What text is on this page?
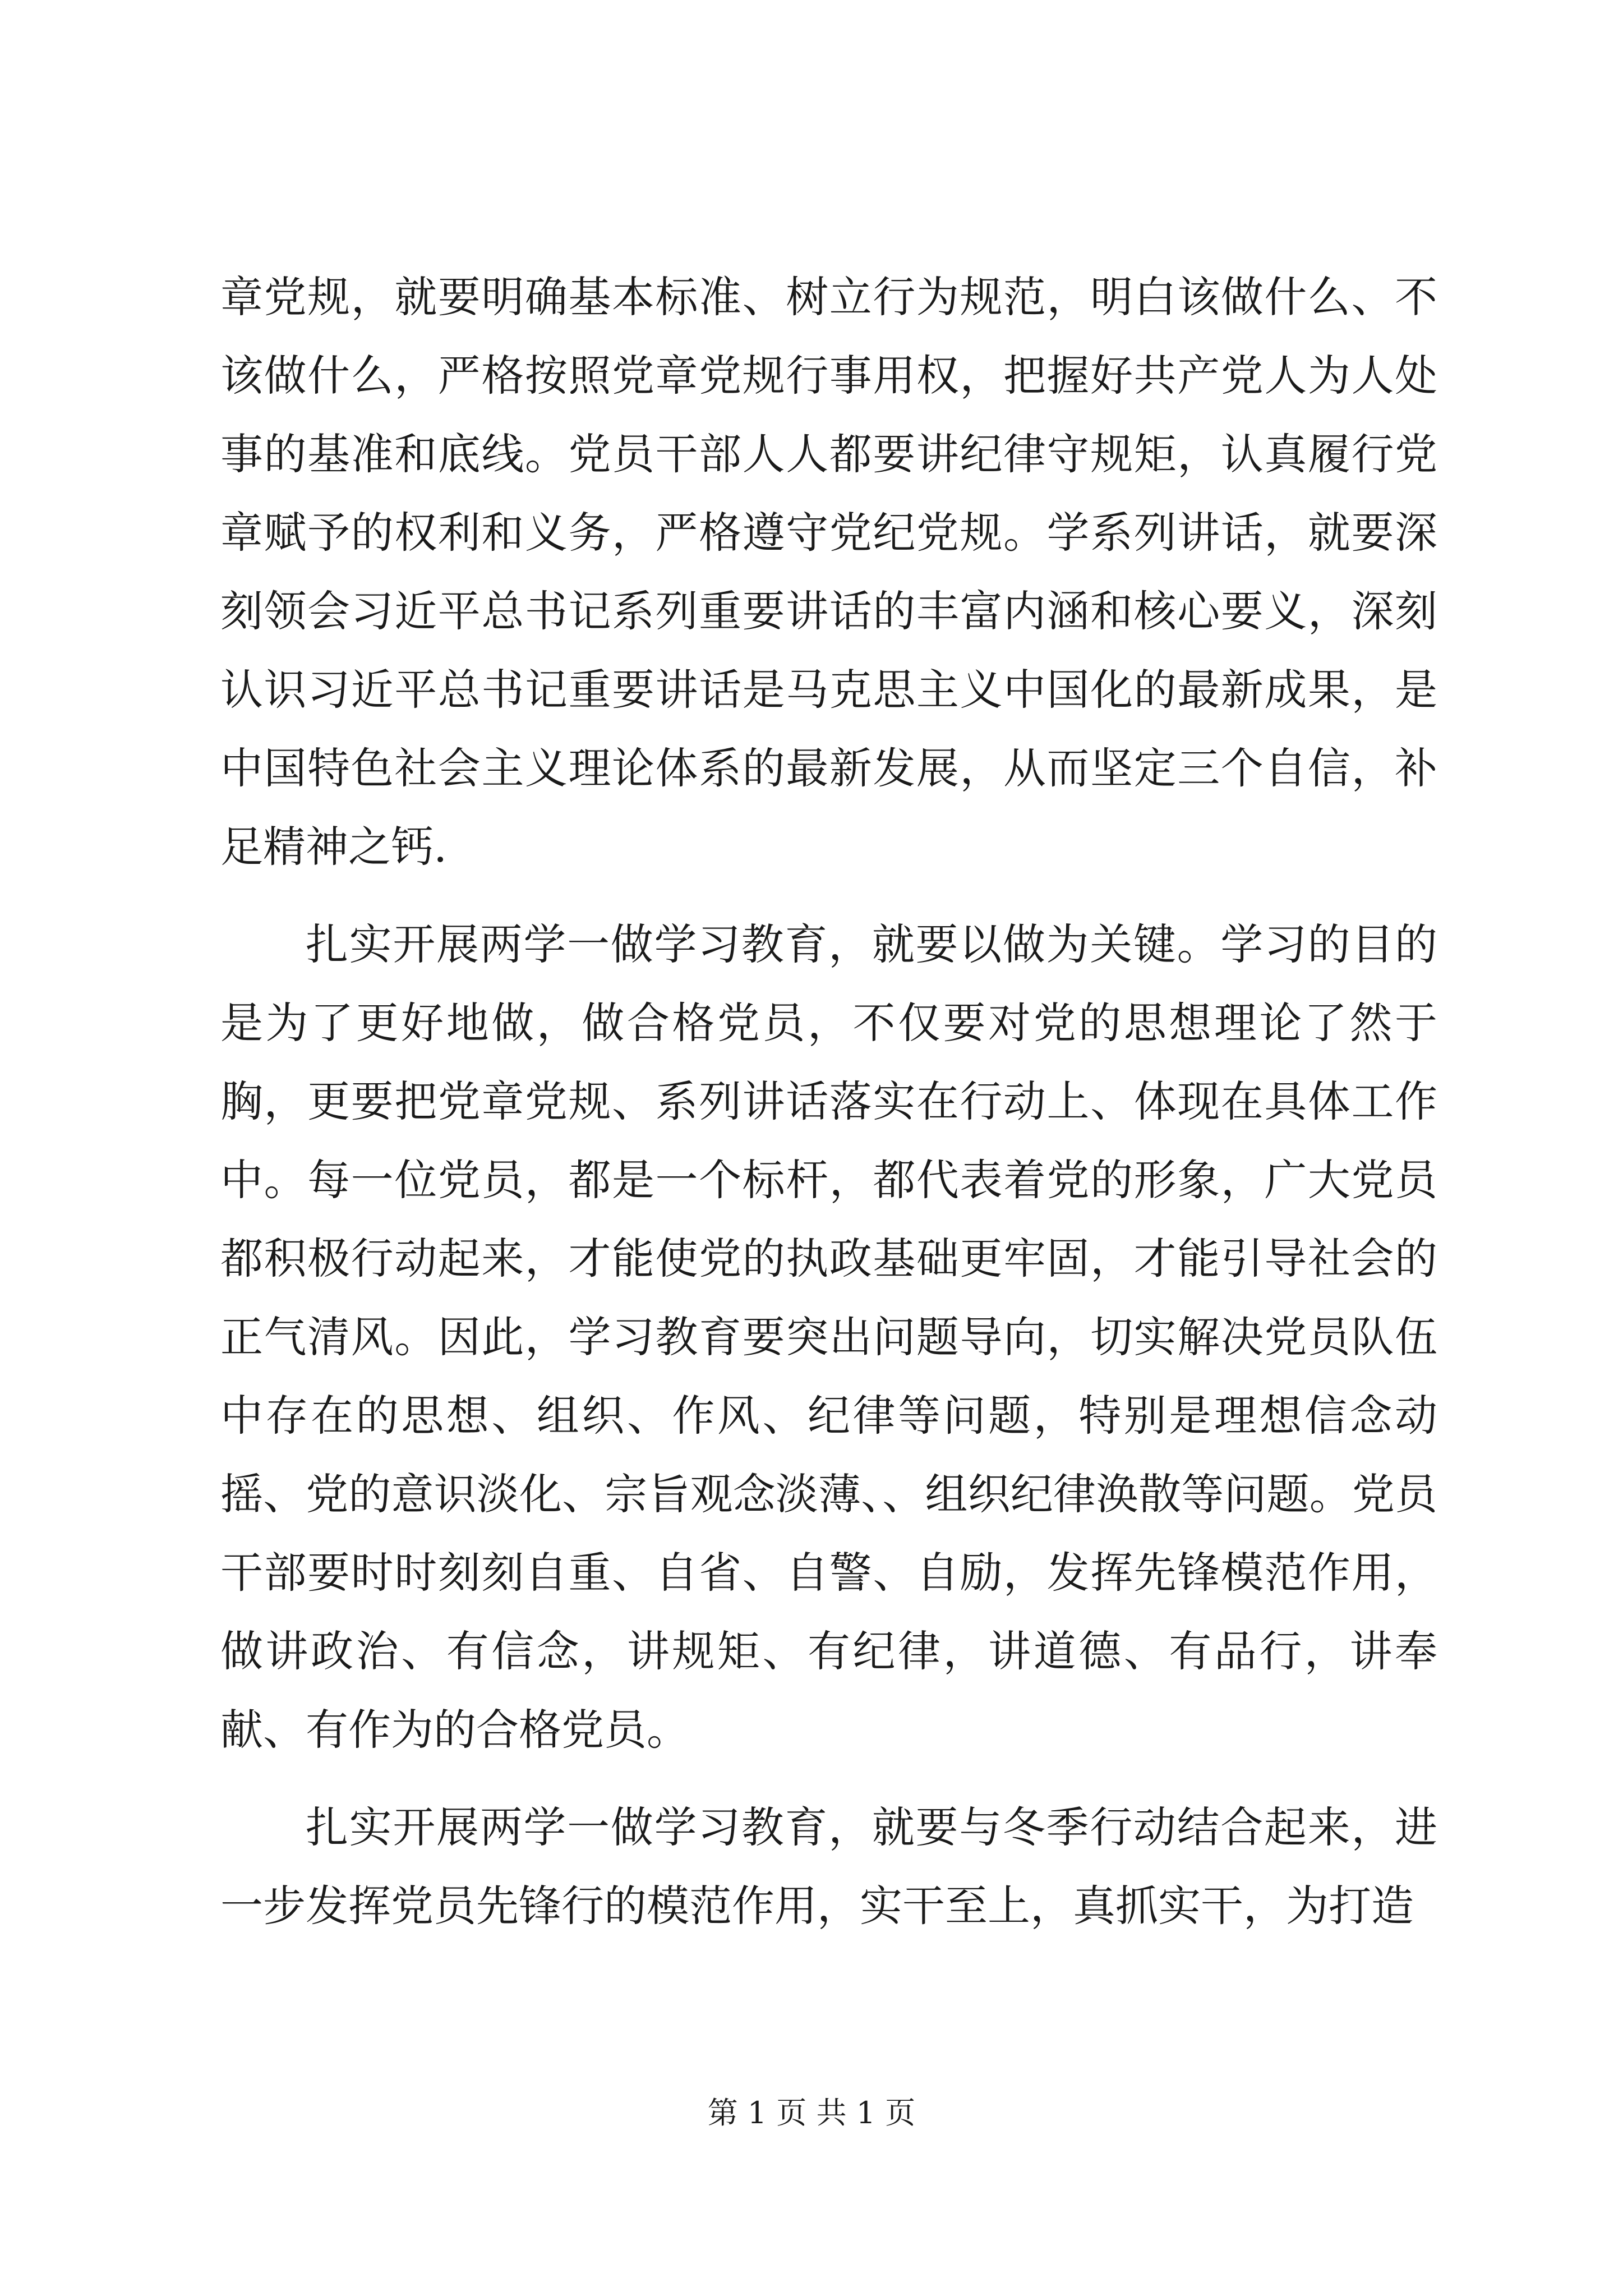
章党规，就要明确基本标准、树立行为规范，明白该做什么、不该做什么，严格按照党章党规行事用权，把握好共产党人为人处事的基准和底线。党员干部人人都要讲纪律守规矩，认真履行党章赋予的权利和义务，严格遵守党纪党规。学系列讲话，就要深刻领会习近平总书记系列重要讲话的丰富内涵和核心要义，深刻认识习近平总书记重要讲话是马克思主义中国化的最新成果，是中国特色社会主义理论体系的最新发展，从而坚定三个自信，补足精神之钙.

扎实开展两学一做学习教育，就要以做为关键。学习的目的是为了更好地做，做合格党员，不仅要对党的思想理论了然于胸，更要把党章党规、系列讲话落实在行动上、体现在具体工作中。每一位党员，都是一个标杆，都代表着党的形象，广大党员都积极行动起来，才能使党的执政基础更牢固，才能引导社会的正气清风。因此，学习教育要突出问题导向，切实解决党员队伍中存在的思想、组织、作风、纪律等问题，特别是理想信念动摇、党的意识淡化、宗旨观念淡薄、、组织纪律涣散等问题。党员干部要时时刻刻自重、自省、自警、自励，发挥先锋模范作用，做讲政治、有信念，讲规矩、有纪律，讲道德、有品行，讲奉献、有作为的合格党员。

扎实开展两学一做学习教育，就要与冬季行动结合起来，进一步发挥党员先锋行的模范作用，实干至上，真抓实干，为打造

第 1 页 共 1 页
